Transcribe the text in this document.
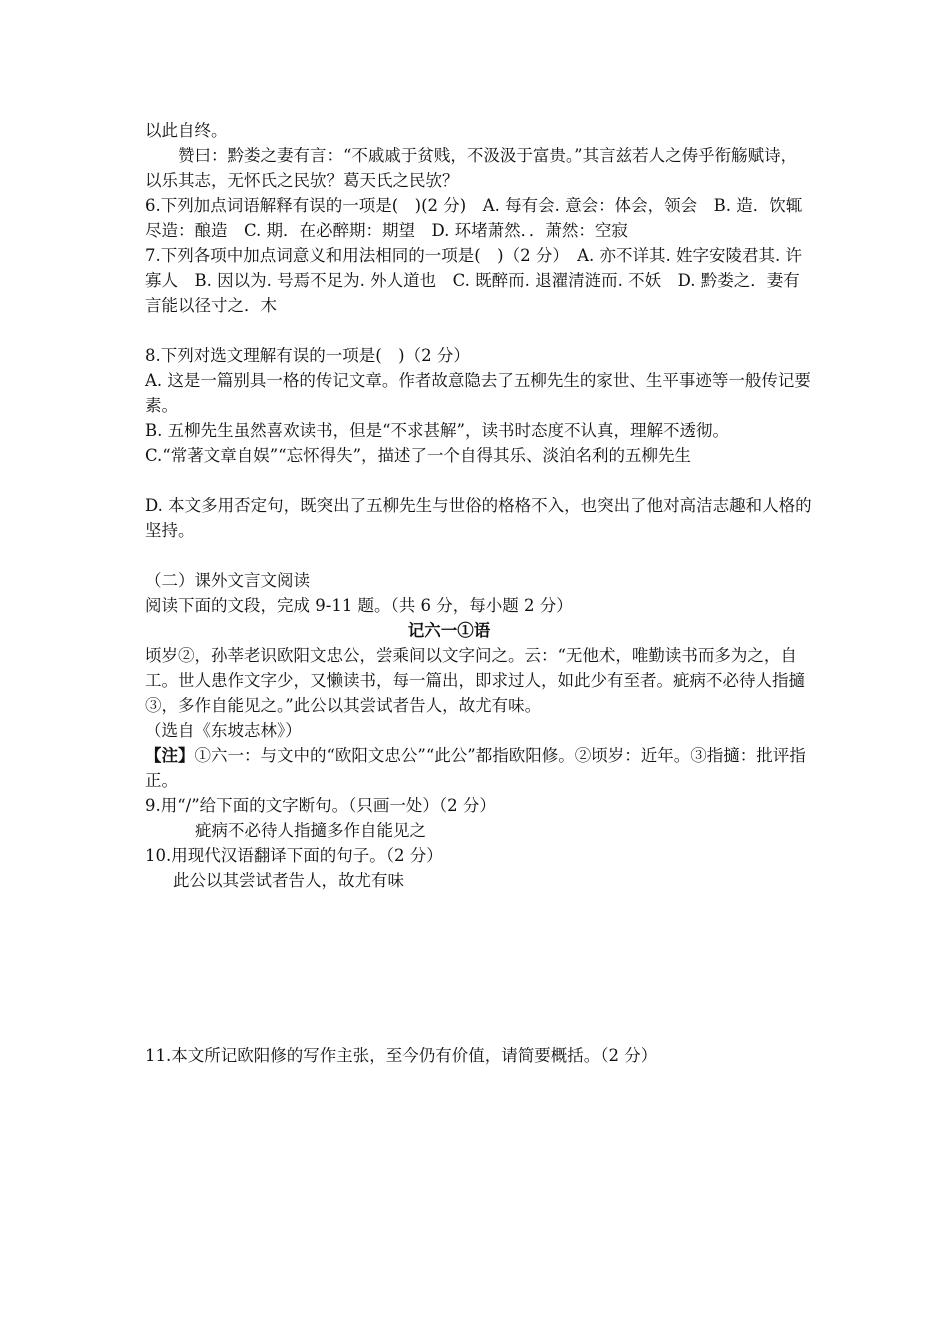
以此自终。

赞曰：黔娄之妻有言：“不戚戚于贫贱，不汲汲于富贵。”其言兹若人之俦乎衔觞赋诗，以乐其志，无怀氏之民欤？葛天氏之民欤？

6.下列加点词语解释有误的一项是(　)(2 分)　A. 每有会. 意会：体会，领会　B. 造．饮辄尽造：酿造　C. 期．在必醉期：期望　D. 环堵萧然．．萧然：空寂

7.下列各项中加点词意义和用法相同的一项是(　)（2 分）　A. 亦不详其. 姓字安陵君其. 许寡人　B. 因以为. 号焉不足为. 外人道也　C. 既醉而. 退濯清涟而. 不妖　D. 黔娄之．妻有言能以径寸之．木

8.下列对选文理解有误的一项是(　)（2 分）

A. 这是一篇别具一格的传记文章。作者故意隐去了五柳先生的家世、生平事迹等一般传记要素。

B. 五柳先生虽然喜欢读书，但是“不求甚解”，读书时态度不认真，理解不透彻。

C.“常著文章自娱”“忘怀得失”，描述了一个自得其乐、淡泊名利的五柳先生

D. 本文多用否定句，既突出了五柳先生与世俗的格格不入，也突出了他对高洁志趣和人格的坚持。

（二）课外文言文阅读

阅读下面的文段，完成 9-11 题。（共 6 分，每小题 2 分）

记六一①语

顷岁②，孙莘老识欧阳文忠公，尝乘间以文字问之。云：“无他术，唯勤读书而多为之，自工。世人患作文字少，又懒读书，每一篇出，即求过人，如此少有至者。疵病不必待人指擿③，多作自能见之。”此公以其尝试者告人，故尤有味。

（选自《东坡志林》）

【注】①六一：与文中的“欧阳文忠公”“此公”都指欧阳修。②顷岁：近年。③指擿：批评指正。

9.用“/”给下面的文字断句。（只画一处）（2 分）

疵病不必待人指擿多作自能见之

10.用现代汉语翻译下面的句子。（2 分）

此公以其尝试者告人，故尤有味

11.本文所记欧阳修的写作主张，至今仍有价值，请简要概括。（2 分）
